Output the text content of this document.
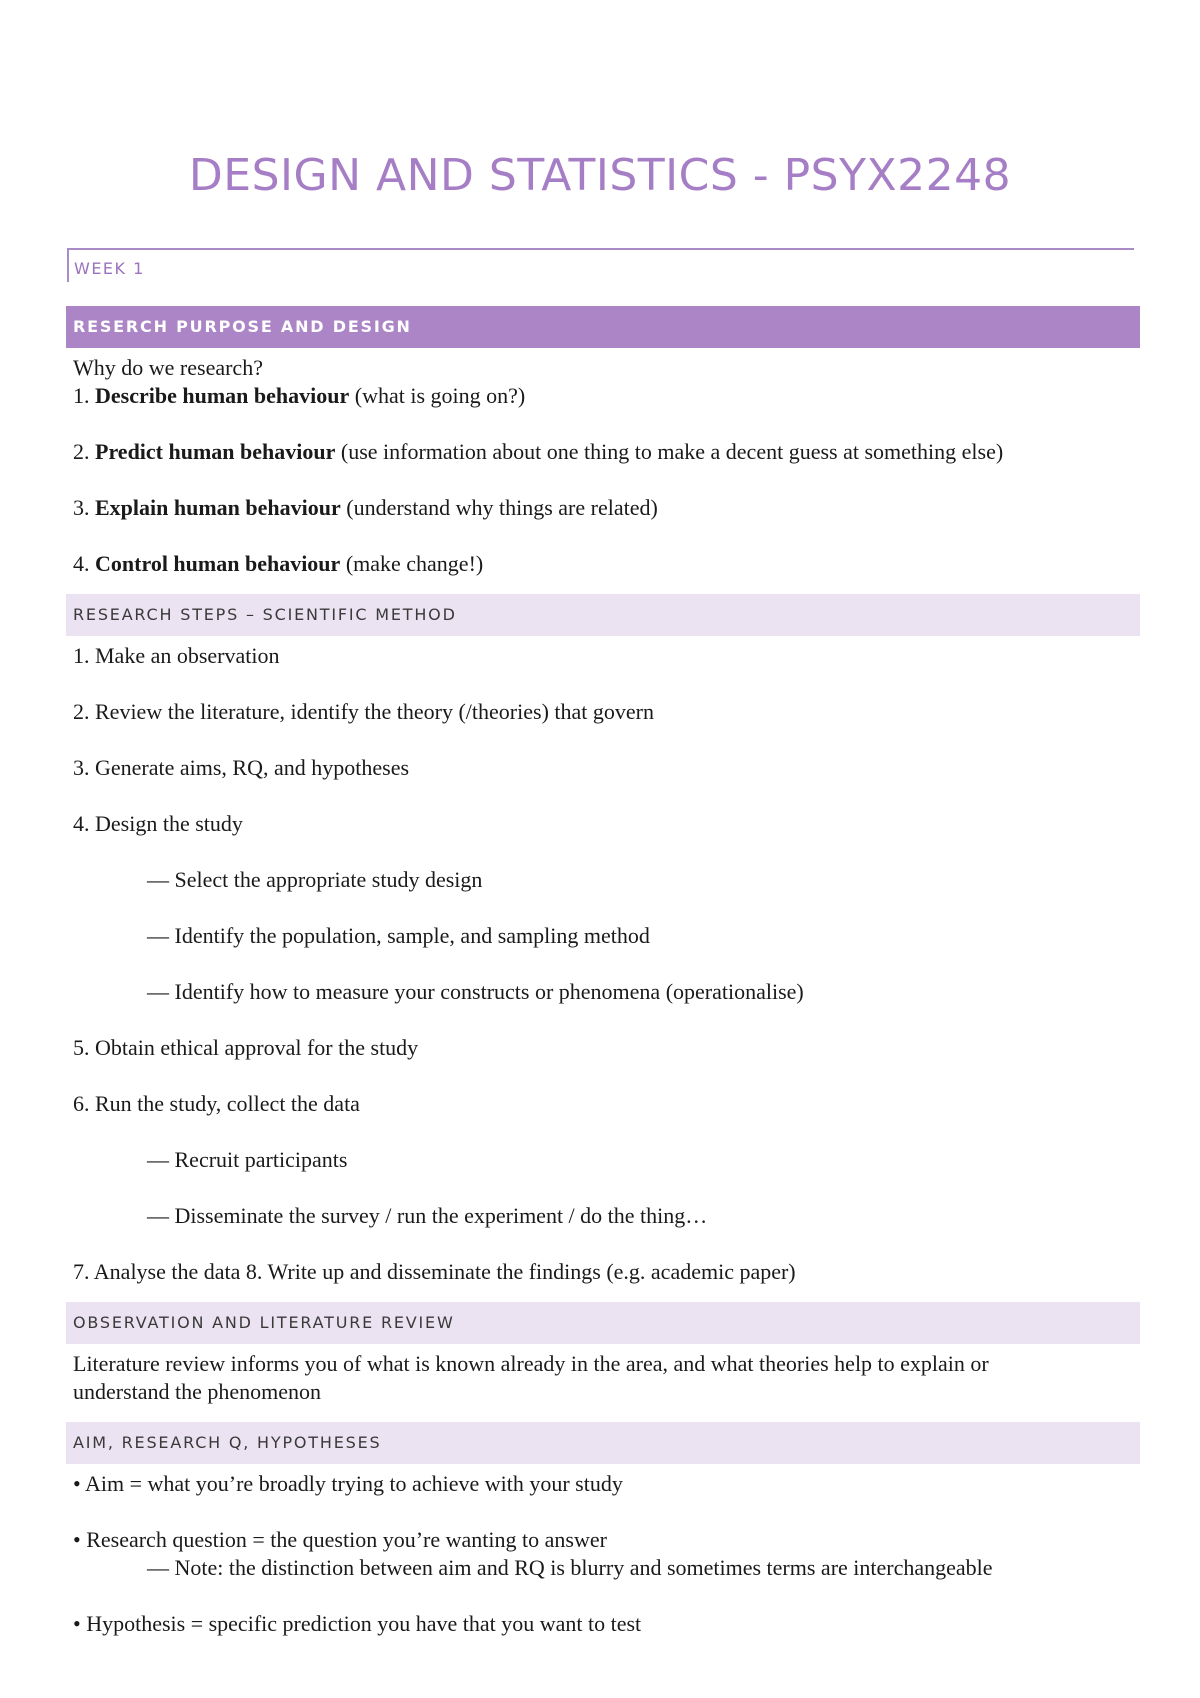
DESIGN AND STATISTICS - PSYX2248
WEEK 1
RESERCH PURPOSE AND DESIGN
Why do we research?
1. Describe human behaviour (what is going on?)
2. Predict human behaviour (use information about one thing to make a decent guess at something else)
3. Explain human behaviour (understand why things are related)
4. Control human behaviour (make change!)
RESEARCH STEPS – SCIENTIFIC METHOD
1. Make an observation
2. Review the literature, identify the theory (/theories) that govern
3. Generate aims, RQ, and hypotheses
4. Design the study
— Select the appropriate study design
— Identify the population, sample, and sampling method
— Identify how to measure your constructs or phenomena (operationalise)
5. Obtain ethical approval for the study
6. Run the study, collect the data
— Recruit participants
— Disseminate the survey / run the experiment / do the thing…
7. Analyse the data 8. Write up and disseminate the findings (e.g. academic paper)
OBSERVATION AND LITERATURE REVIEW
Literature review informs you of what is known already in the area, and what theories help to explain or
understand the phenomenon
AIM, RESEARCH Q, HYPOTHESES
• Aim = what you’re broadly trying to achieve with your study
• Research question = the question you’re wanting to answer
— Note: the distinction between aim and RQ is blurry and sometimes terms are interchangeable
• Hypothesis = specific prediction you have that you want to test
